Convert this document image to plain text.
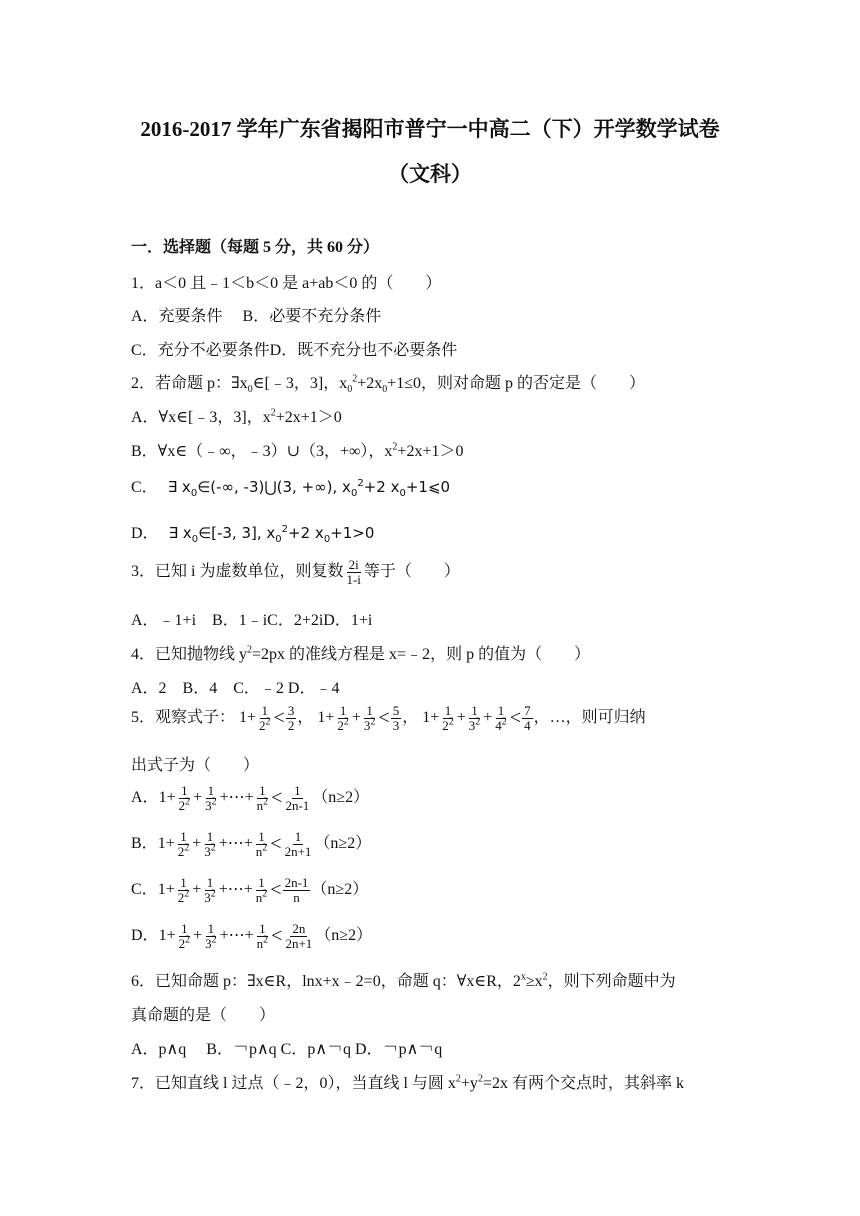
2016-2017 学年广东省揭阳市普宁一中高二（下）开学数学试卷
（文科）
一．选择题（每题 5 分，共 60 分）
1．a＜0 且﹣1＜b＜0 是 a+ab＜0 的（　　）
A．充要条件　 B．必要不充分条件
C．充分不必要条件D．既不充分也不必要条件
2．若命题 p：$\exists x_0\in[﹣3$，3]，$x_0^2+2x_0+1\le 0$，则对命题 p 的否定是（　　）
A．∀x∈[﹣3，3]，$x^2+2x+1>0$
B．∀x∈（﹣∞，﹣3）∪（3，+∞），$x^2+2x+1>0$
C． ∃ $x_0\in(-\infty$, -3)⋃(3, +∞), $x_0^2+2$ $x_0+1⩽0$
D． ∃ $x_0\in[-3$, 3], $x_0^2+2$ $x_0+1>0$
3．已知 i 为虚数单位，则复数 $\frac{2i}{1-i}$ 等于（　　）
A．﹣1+i　B．1﹣iC．2+2iD．1+i
4．已知抛物线 $y^2=2px$ 的准线方程是 x=﹣2，则 p 的值为（　　）
A．2　B．4　C．﹣2 D．﹣4
5．观察式子： $1+ \frac{1}{2^2} < \frac{3}{2}$ ， $1+ \frac{1}{2^2} + \frac{1}{3^2} < \frac{5}{3}$ ， $1+ \frac{1}{2^2} + \frac{1}{3^2} + \frac{1}{4^2} < \frac{7}{4}$ ，…，则可归纳
出式子为（　　）
A．$1+ \frac{1}{2^2} + \frac{1}{3^2}$ +⋯+ $\frac{1}{n^2} < \frac{1}{2n-1} (n\ge 2)$
B．$1+ \frac{1}{2^2} + \frac{1}{3^2}$ +⋯+ $\frac{1}{n^2} < \frac{1}{2n+1} (n\ge 2)$
C．$1+ \frac{1}{2^2} + \frac{1}{3^2}$ +⋯+ $\frac{1}{n^2} < \frac{2n-1}{n} (n\ge 2)$
D．$1+ \frac{1}{2^2} + \frac{1}{3^2}$ +⋯+ $\frac{1}{n^2} < \frac{2n}{2n+1} (n\ge 2)$
6．已知命题 p：∃x∈R，lnx+x﹣2=0，命题 q：∀x∈R，$2^x\ge x^2$，则下列命题中为
真命题的是（　　）
A．p∧q　 B．￢p∧q C．p∧￢q D．￢p∧￢q
7．已知直线 l 过点（﹣2，0），当直线 l 与圆 $x^2+y^2=2x$ 有两个交点时，其斜率 k
